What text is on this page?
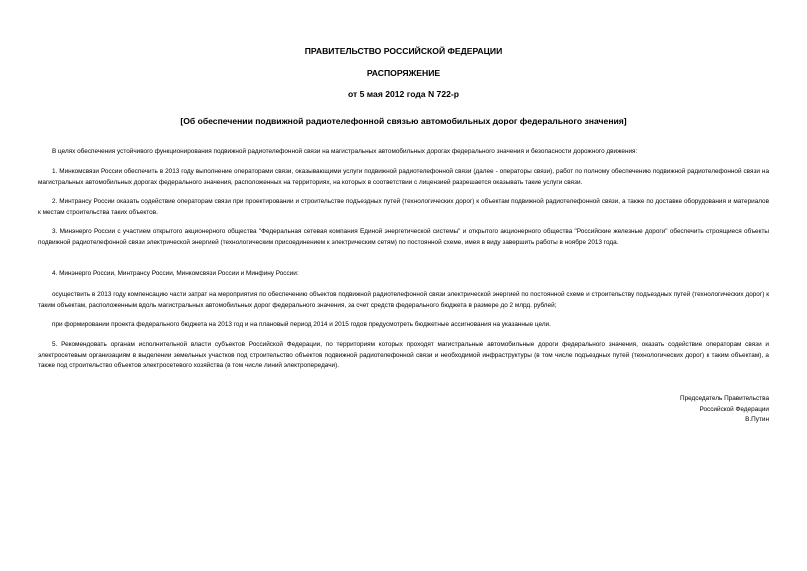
ПРАВИТЕЛЬСТВО РОССИЙСКОЙ ФЕДЕРАЦИИ
РАСПОРЯЖЕНИЕ
от 5 мая 2012 года N 722-р
[Об обеспечении подвижной радиотелефонной связью автомобильных дорог федерального значения]

В целях обеспечения устойчивого функционирования подвижной радиотелефонной связи на магистральных автомобильных дорогах федерального значения и безопасности дорожного движения:

1. Минкомсвязи России обеспечить в 2013 году выполнение операторами связи, оказывающими услуги подвижной радиотелефонной связи (далее - операторы связи), работ по полному обеспечению подвижной радиотелефонной связи на магистральных автомобильных дорогах федерального значения, расположенных на территориях, на которых в соответствии с лицензией разрешается оказывать такие услуги связи.

2. Минтрансу России оказать содействие операторам связи при проектировании и строительстве подъездных путей (технологических дорог) к объектам подвижной радиотелефонной связи, а также по доставке оборудования и материалов к местам строительства таких объектов.

3. Минэнерго России с участием открытого акционерного общества "Федеральная сетевая компания Единой энергетической системы" и открытого акционерного общества "Российские железные дороги" обеспечить строящиеся объекты подвижной радиотелефонной связи электрической энергией (технологическим присоединением к электрическим сетям) по постоянной схеме, имея в виду завершить работы в ноябре 2013 года.

4. Минэнерго России, Минтрансу России, Минкомсвязи России и Минфину России:

осуществить в 2013 году компенсацию части затрат на мероприятия по обеспечению объектов подвижной радиотелефонной связи электрической энергией по постоянной схеме и строительству подъездных путей (технологических дорог) к таким объектам, расположенным вдоль магистральных автомобильных дорог федерального значения, за счет средств федерального бюджета в размере до 2 млрд. рублей;

при формировании проекта федерального бюджета на 2013 год и на плановый период 2014 и 2015 годов предусмотреть бюджетные ассигнования на указанные цели.

5. Рекомендовать органам исполнительной власти субъектов Российской Федерации, по территориям которых проходят магистральные автомобильные дороги федерального значения, оказать содействие операторам связи и электросетевым организациям в выделении земельных участков под строительство объектов подвижной радиотелефонной связи и необходимой инфраструктуры (в том числе подъездных путей (технологических дорог) к таким объектам), а также под строительство объектов электросетевого хозяйства (в том числе линий электропередачи).

Председатель Правительства
Российской Федерации
В.Путин
